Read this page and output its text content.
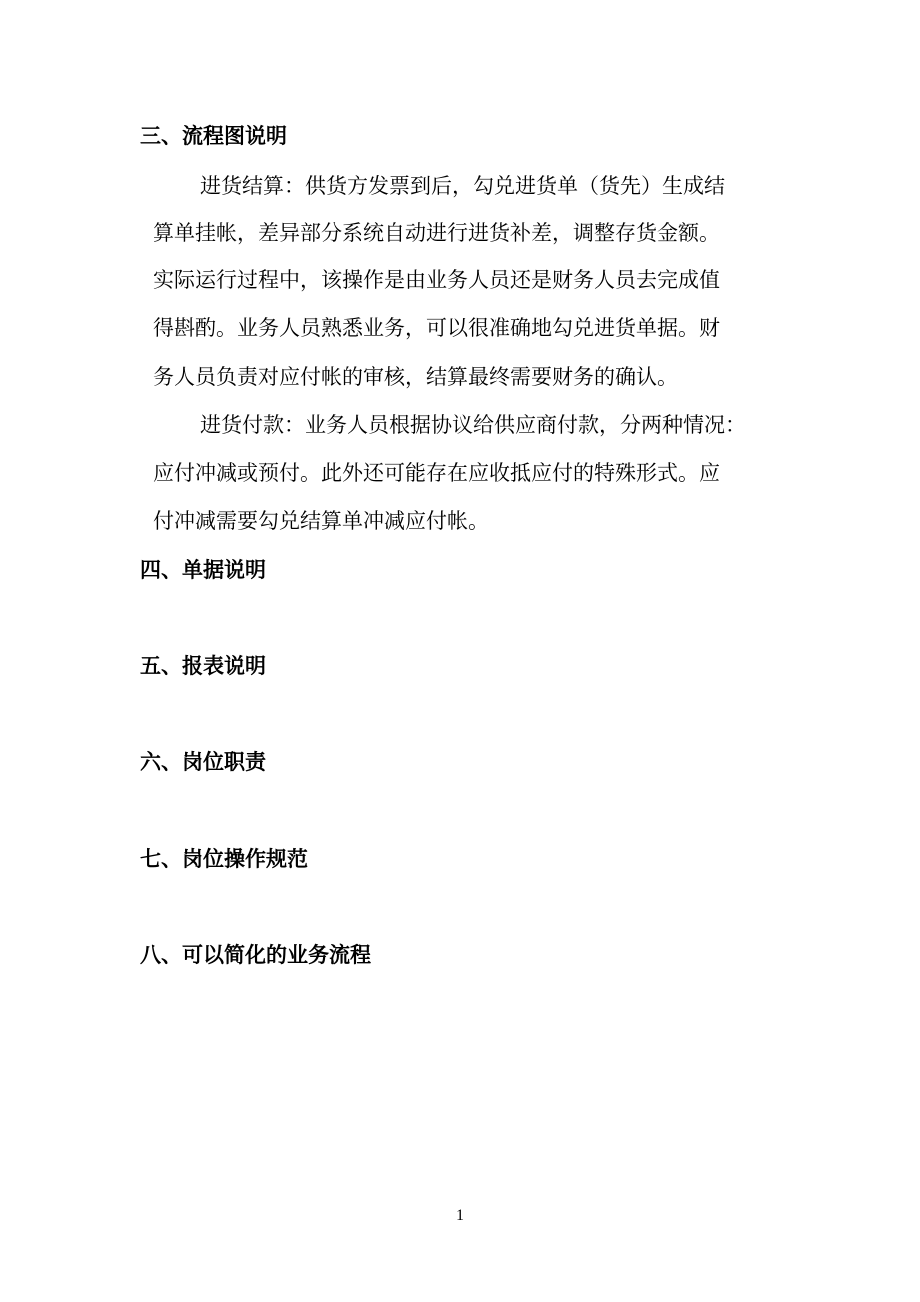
三、流程图说明
进货结算：供货方发票到后，勾兑进货单（货先）生成结
算单挂帐，差异部分系统自动进行进货补差，调整存货金额。
实际运行过程中，该操作是由业务人员还是财务人员去完成值
得斟酌。业务人员熟悉业务，可以很准确地勾兑进货单据。财
务人员负责对应付帐的审核，结算最终需要财务的确认。
进货付款：业务人员根据协议给供应商付款，分两种情况：
应付冲减或预付。此外还可能存在应收抵应付的特殊形式。应
付冲减需要勾兑结算单冲减应付帐。
四、单据说明
五、报表说明
六、岗位职责
七、岗位操作规范
八、可以简化的业务流程
1
